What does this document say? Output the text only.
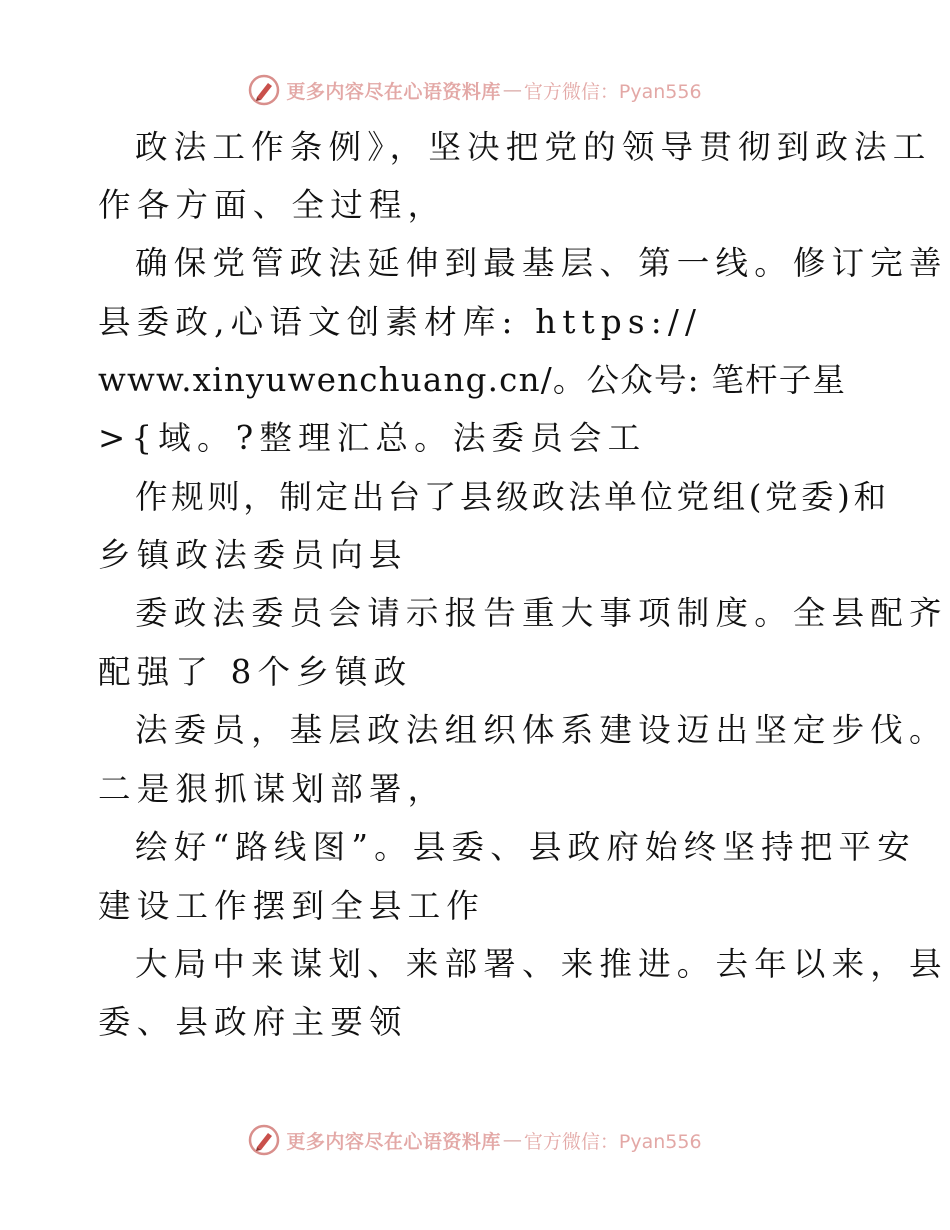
更多内容尽在心语资料库 — 官方微信：Pyan556
政法工作条例》，坚决把党的领导贯彻到政法工
作各方面、全过程，
确保党管政法延伸到最基层、第一线。修订完善
县委政,心语文创素材库: https://
www.xinyuwenchuang.cn/。公众号: 笔杆子星
>{域。?整理汇总。法委员会工
作规则，制定出台了县级政法单位党组(党委)和
乡镇政法委员向县
委政法委员会请示报告重大事项制度。全县配齐
配强了 8个乡镇政
法委员，基层政法组织体系建设迈出坚定步伐。
二是狠抓谋划部署，
绘好“路线图”。县委、县政府始终坚持把平安
建设工作摆到全县工作
大局中来谋划、来部署、来推进。去年以来，县
委、县政府主要领
更多内容尽在心语资料库 — 官方微信：Pyan556
